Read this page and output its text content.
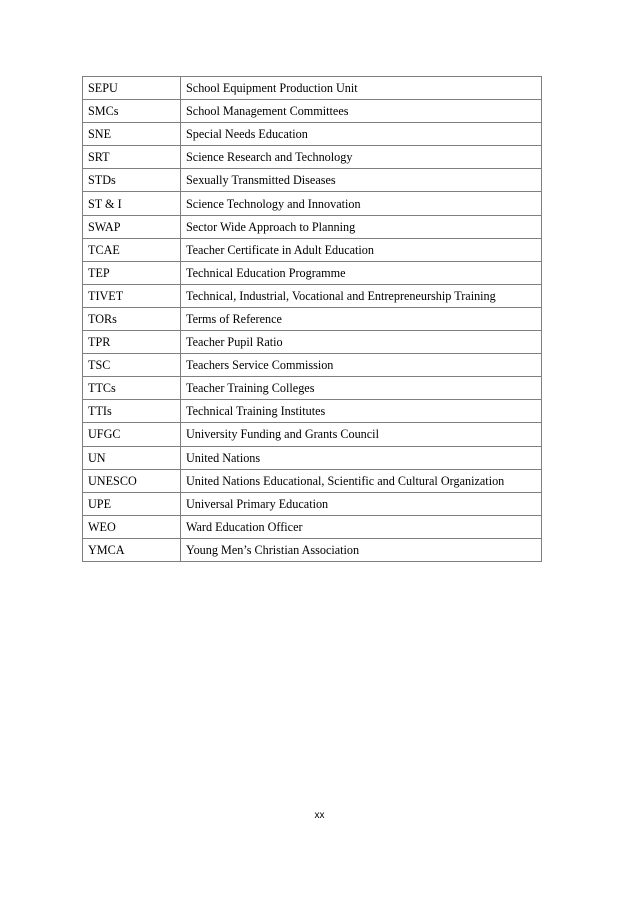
SEPU	School Equipment Production Unit
SMCs	School Management Committees
SNE	Special Needs Education
SRT	Science Research and Technology
STDs	Sexually Transmitted Diseases
ST & I	Science Technology and Innovation
SWAP	Sector Wide Approach to Planning
TCAE	Teacher Certificate in Adult Education
TEP	Technical Education Programme
TIVET	Technical, Industrial, Vocational and Entrepreneurship Training
TORs	Terms of Reference
TPR	Teacher Pupil Ratio
TSC	Teachers Service Commission
TTCs	Teacher Training Colleges
TTIs	Technical Training Institutes
UFGC	University Funding and Grants Council
UN	United Nations
UNESCO	United Nations Educational, Scientific and Cultural Organization
UPE	Universal Primary Education
WEO	Ward Education Officer
YMCA	Young Men’s Christian Association
xx
